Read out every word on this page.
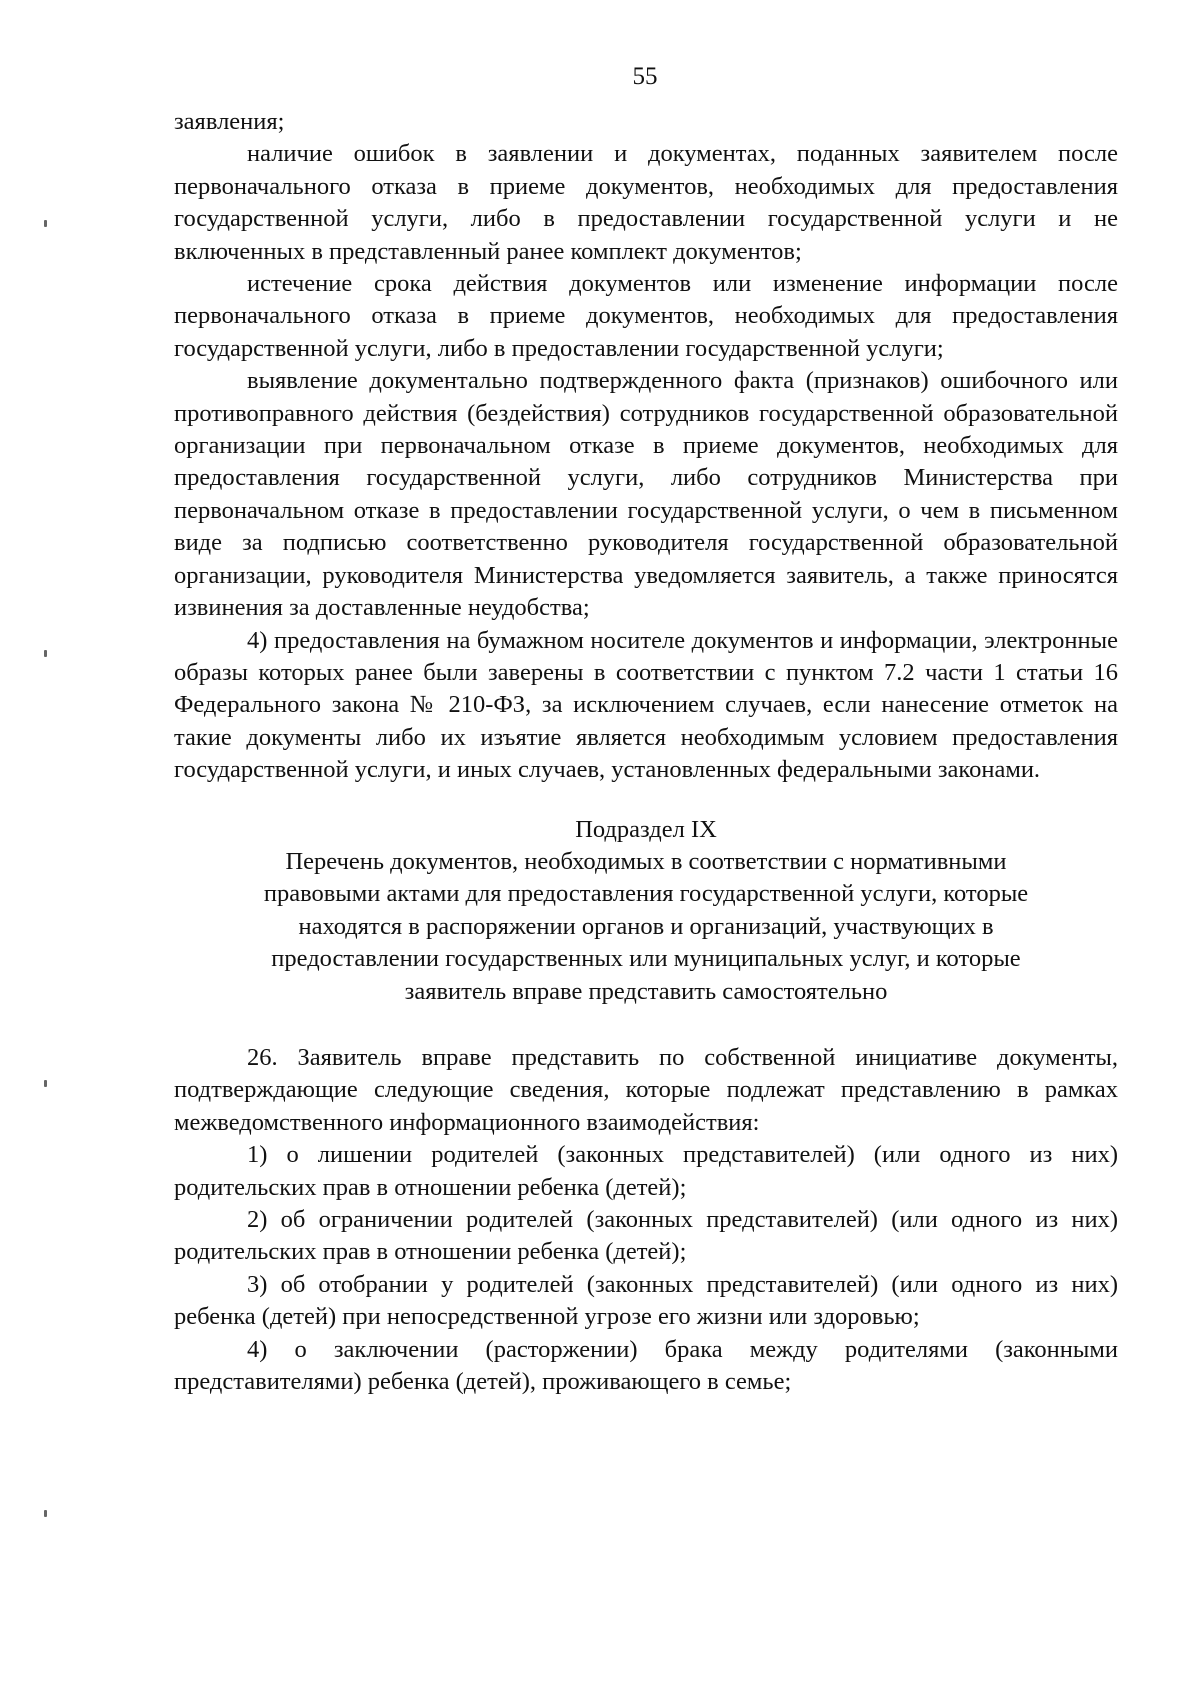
55

заявления;

наличие ошибок в заявлении и документах, поданных заявителем после первоначального отказа в приеме документов, необходимых для предоставления государственной услуги, либо в предоставлении государственной услуги и не включенных в представленный ранее комплект документов;

истечение срока действия документов или изменение информации после первоначального отказа в приеме документов, необходимых для предоставления государственной услуги, либо в предоставлении государственной услуги;

выявление документально подтвержденного факта (признаков) ошибочного или противоправного действия (бездействия) сотрудников государственной образовательной организации при первоначальном отказе в приеме документов, необходимых для предоставления государственной услуги, либо сотрудников Министерства при первоначальном отказе в предоставлении государственной услуги, о чем в письменном виде за подписью соответственно руководителя государственной образовательной организации, руководителя Министерства уведомляется заявитель, а также приносятся извинения за доставленные неудобства;

4) предоставления на бумажном носителе документов и информации, электронные образы которых ранее были заверены в соответствии с пунктом 7.2 части 1 статьи 16 Федерального закона № 210-ФЗ, за исключением случаев, если нанесение отметок на такие документы либо их изъятие является необходимым условием предоставления государственной услуги, и иных случаев, установленных федеральными законами.

Подраздел IX
Перечень документов, необходимых в соответствии с нормативными
правовыми актами для предоставления государственной услуги, которые
находятся в распоряжении органов и организаций, участвующих в
предоставлении государственных или муниципальных услуг, и которые
заявитель вправе представить самостоятельно

26. Заявитель вправе представить по собственной инициативе документы, подтверждающие следующие сведения, которые подлежат представлению в рамках межведомственного информационного взаимодействия:

1) о лишении родителей (законных представителей) (или одного из них) родительских прав в отношении ребенка (детей);

2) об ограничении родителей (законных представителей) (или одного из них) родительских прав в отношении ребенка (детей);

3) об отобрании у родителей (законных представителей) (или одного из них) ребенка (детей) при непосредственной угрозе его жизни или здоровью;

4) о заключении (расторжении) брака между родителями (законными представителями) ребенка (детей), проживающего в семье;
